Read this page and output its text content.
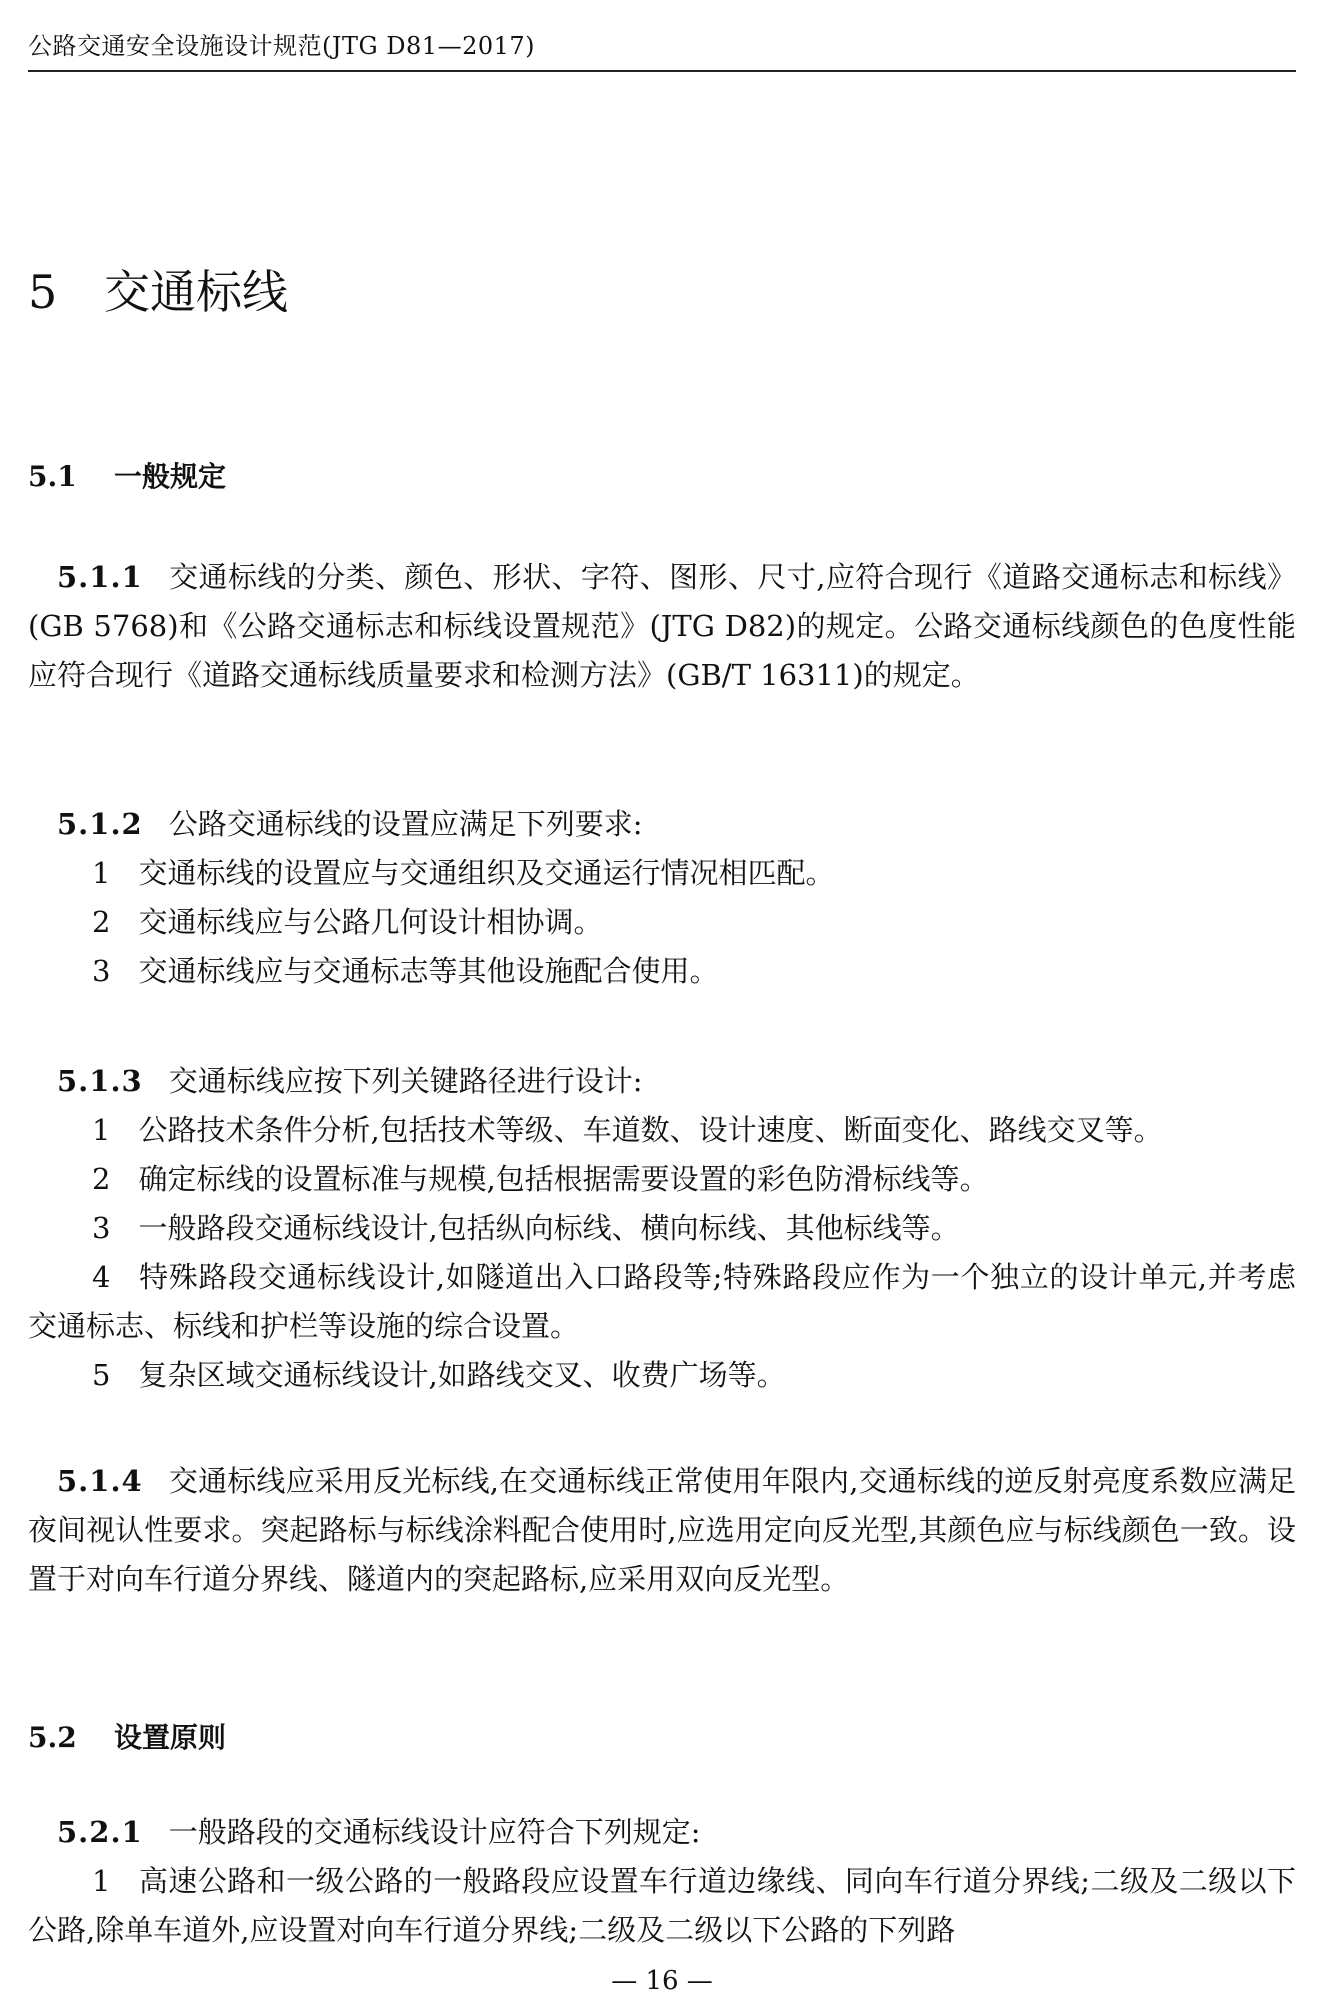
公路交通安全设施设计规范(JTG D81—2017)
5 交通标线
5.1 一般规定

5.1.1 交通标线的分类、颜色、形状、字符、图形、尺寸,应符合现行《道路交通标志和标线》(GB 5768)和《公路交通标志和标线设置规范》(JTG D82)的规定。公路交通标线颜色的色度性能应符合现行《道路交通标线质量要求和检测方法》(GB/T 16311)的规定。

5.1.2 公路交通标线的设置应满足下列要求:

1 交通标线的设置应与交通组织及交通运行情况相匹配。

2 交通标线应与公路几何设计相协调。

3 交通标线应与交通标志等其他设施配合使用。

5.1.3 交通标线应按下列关键路径进行设计:

1 公路技术条件分析,包括技术等级、车道数、设计速度、断面变化、路线交叉等。

2 确定标线的设置标准与规模,包括根据需要设置的彩色防滑标线等。

3 一般路段交通标线设计,包括纵向标线、横向标线、其他标线等。

4 特殊路段交通标线设计,如隧道出入口路段等;特殊路段应作为一个独立的设计单元,并考虑交通标志、标线和护栏等设施的综合设置。

5 复杂区域交通标线设计,如路线交叉、收费广场等。

5.1.4 交通标线应采用反光标线,在交通标线正常使用年限内,交通标线的逆反射亮度系数应满足夜间视认性要求。突起路标与标线涂料配合使用时,应选用定向反光型,其颜色应与标线颜色一致。设置于对向车行道分界线、隧道内的突起路标,应采用双向反光型。

5.2 设置原则

5.2.1 一般路段的交通标线设计应符合下列规定:

1 高速公路和一级公路的一般路段应设置车行道边缘线、同向车行道分界线;二级及二级以下公路,除单车道外,应设置对向车行道分界线;二级及二级以下公路的下列路

— 16 —
